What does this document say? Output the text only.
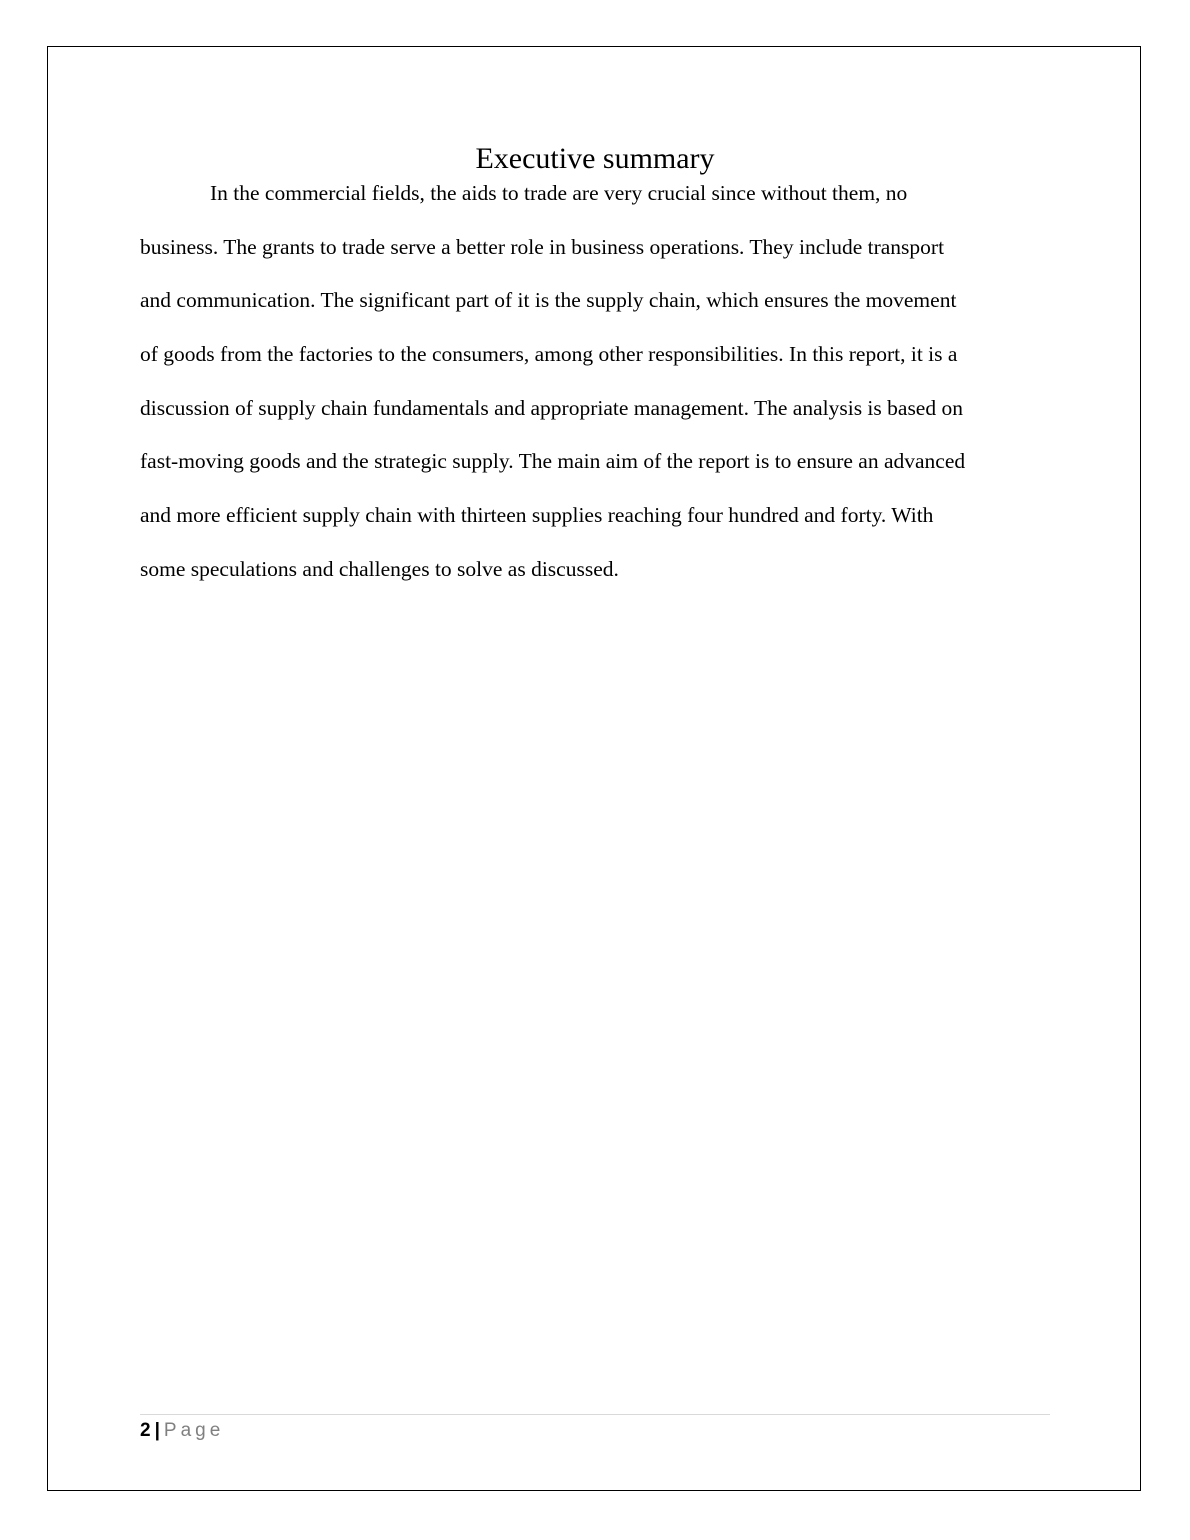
Executive summary
In the commercial fields, the aids to trade are very crucial since without them, no
business. The grants to trade serve a better role in business operations. They include transport
and communication. The significant part of it is the supply chain, which ensures the movement
of goods from the factories to the consumers, among other responsibilities. In this report, it is a
discussion of supply chain fundamentals and appropriate management. The analysis is based on
fast-moving goods and the strategic supply. The main aim of the report is to ensure an advanced
and more efficient supply chain with thirteen supplies reaching four hundred and forty. With
some speculations and challenges to solve as discussed.
2 | Page
